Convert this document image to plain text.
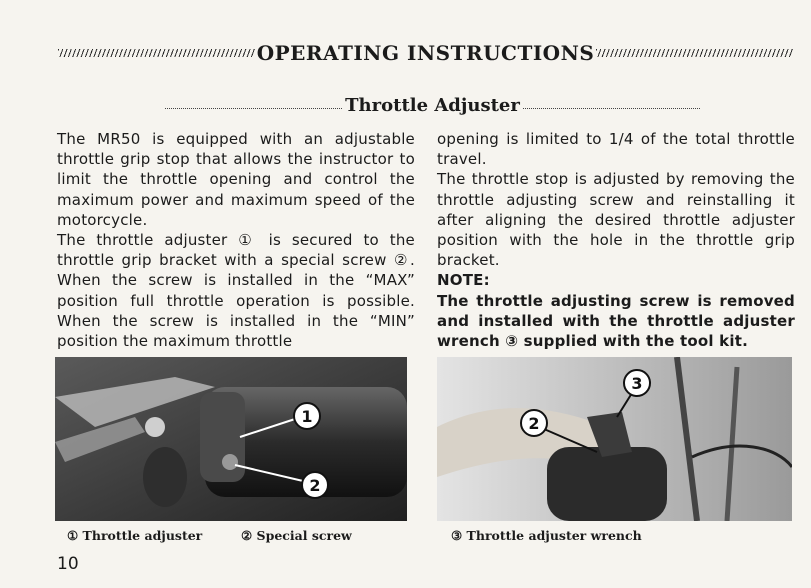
OPERATING INSTRUCTIONS
Throttle Adjuster

The MR50 is equipped with an adjustable throttle grip stop that allows the instructor to limit the throttle opening and control the maximum power and maximum speed of the motorcycle.

The throttle adjuster ① is secured to the throttle grip bracket with a special screw ②. When the screw is installed in the “MAX” position full throttle operation is possible. When the screw is installed in the “MIN” position the maximum throttle

opening is limited to 1/4 of the total throttle travel.

The throttle stop is adjusted by removing the throttle adjusting screw and reinstalling it after aligning the desired throttle adjuster position with the hole in the throttle grip bracket.

NOTE:

The throttle adjusting screw is removed and installed with the throttle adjuster wrench ③ supplied with the tool kit.

1
2
3
2
① Throttle adjuster	② Special screw	③ Throttle adjuster wrench
10
